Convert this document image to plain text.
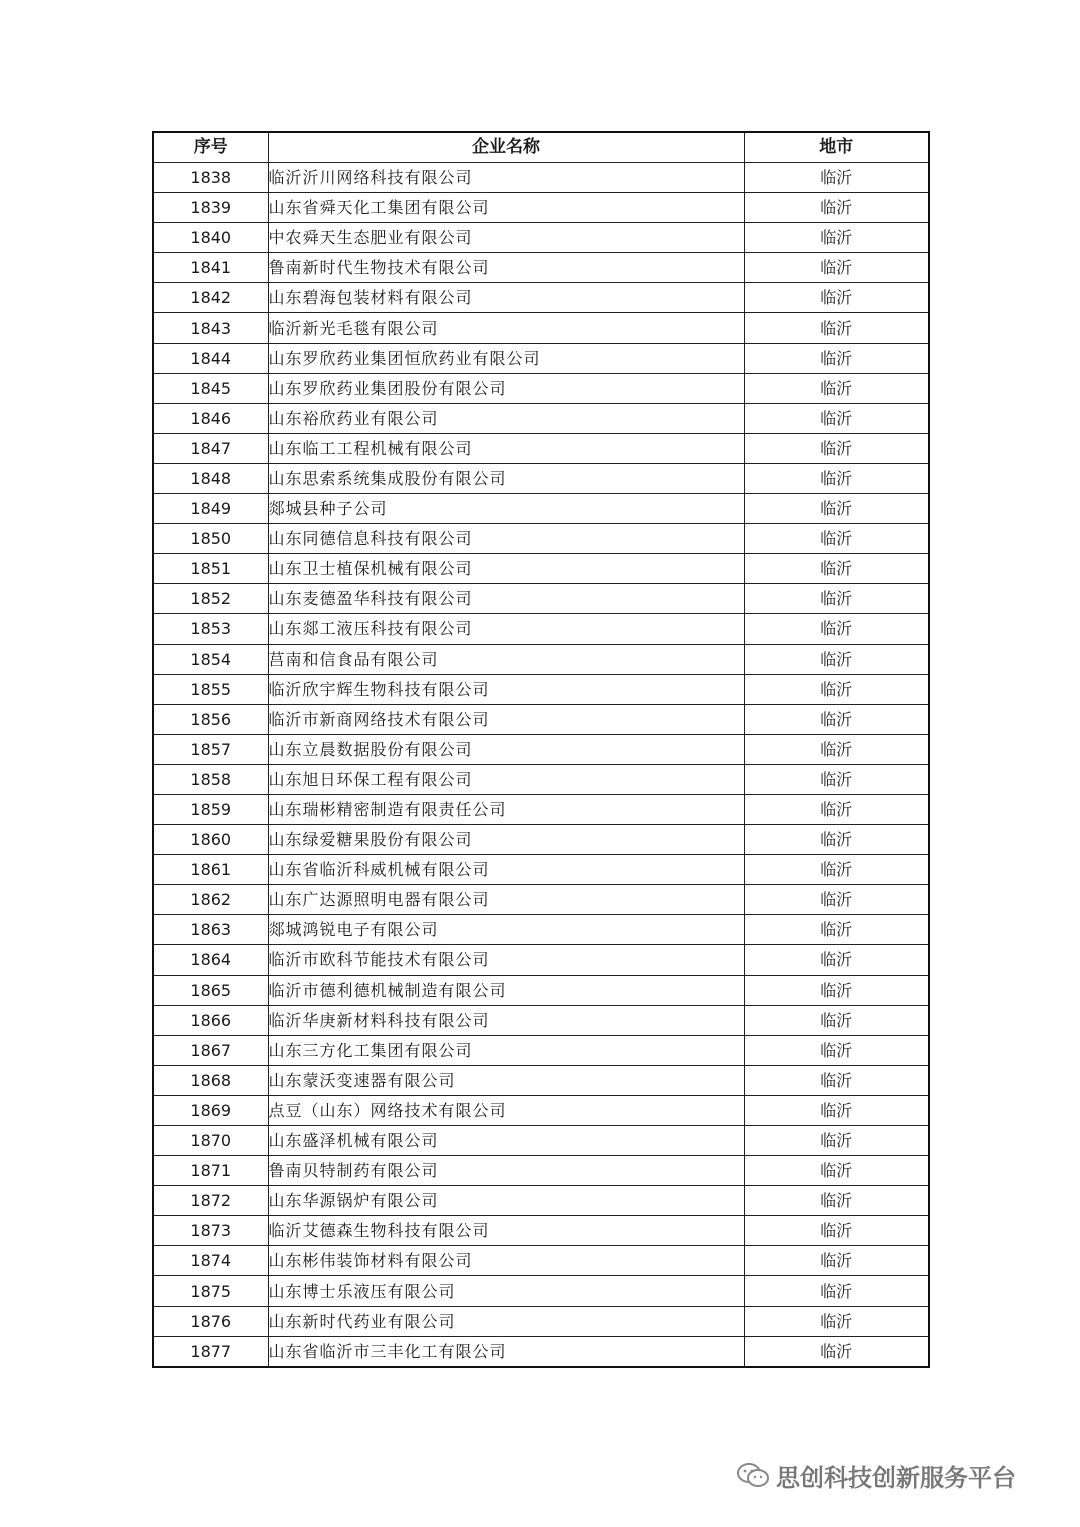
序号	企业名称	地市
1838	临沂沂川网络科技有限公司	临沂
1839	山东省舜天化工集团有限公司	临沂
1840	中农舜天生态肥业有限公司	临沂
1841	鲁南新时代生物技术有限公司	临沂
1842	山东碧海包装材料有限公司	临沂
1843	临沂新光毛毯有限公司	临沂
1844	山东罗欣药业集团恒欣药业有限公司	临沂
1845	山东罗欣药业集团股份有限公司	临沂
1846	山东裕欣药业有限公司	临沂
1847	山东临工工程机械有限公司	临沂
1848	山东思索系统集成股份有限公司	临沂
1849	郯城县种子公司	临沂
1850	山东同德信息科技有限公司	临沂
1851	山东卫士植保机械有限公司	临沂
1852	山东麦德盈华科技有限公司	临沂
1853	山东郯工液压科技有限公司	临沂
1854	莒南和信食品有限公司	临沂
1855	临沂欣宇辉生物科技有限公司	临沂
1856	临沂市新商网络技术有限公司	临沂
1857	山东立晨数据股份有限公司	临沂
1858	山东旭日环保工程有限公司	临沂
1859	山东瑞彬精密制造有限责任公司	临沂
1860	山东绿爱糖果股份有限公司	临沂
1861	山东省临沂科威机械有限公司	临沂
1862	山东广达源照明电器有限公司	临沂
1863	郯城鸿锐电子有限公司	临沂
1864	临沂市欧科节能技术有限公司	临沂
1865	临沂市德利德机械制造有限公司	临沂
1866	临沂华庚新材料科技有限公司	临沂
1867	山东三方化工集团有限公司	临沂
1868	山东蒙沃变速器有限公司	临沂
1869	点豆（山东）网络技术有限公司	临沂
1870	山东盛泽机械有限公司	临沂
1871	鲁南贝特制药有限公司	临沂
1872	山东华源锅炉有限公司	临沂
1873	临沂艾德森生物科技有限公司	临沂
1874	山东彬伟装饰材料有限公司	临沂
1875	山东博士乐液压有限公司	临沂
1876	山东新时代药业有限公司	临沂
1877	山东省临沂市三丰化工有限公司	临沂
思创科技创新服务平台
